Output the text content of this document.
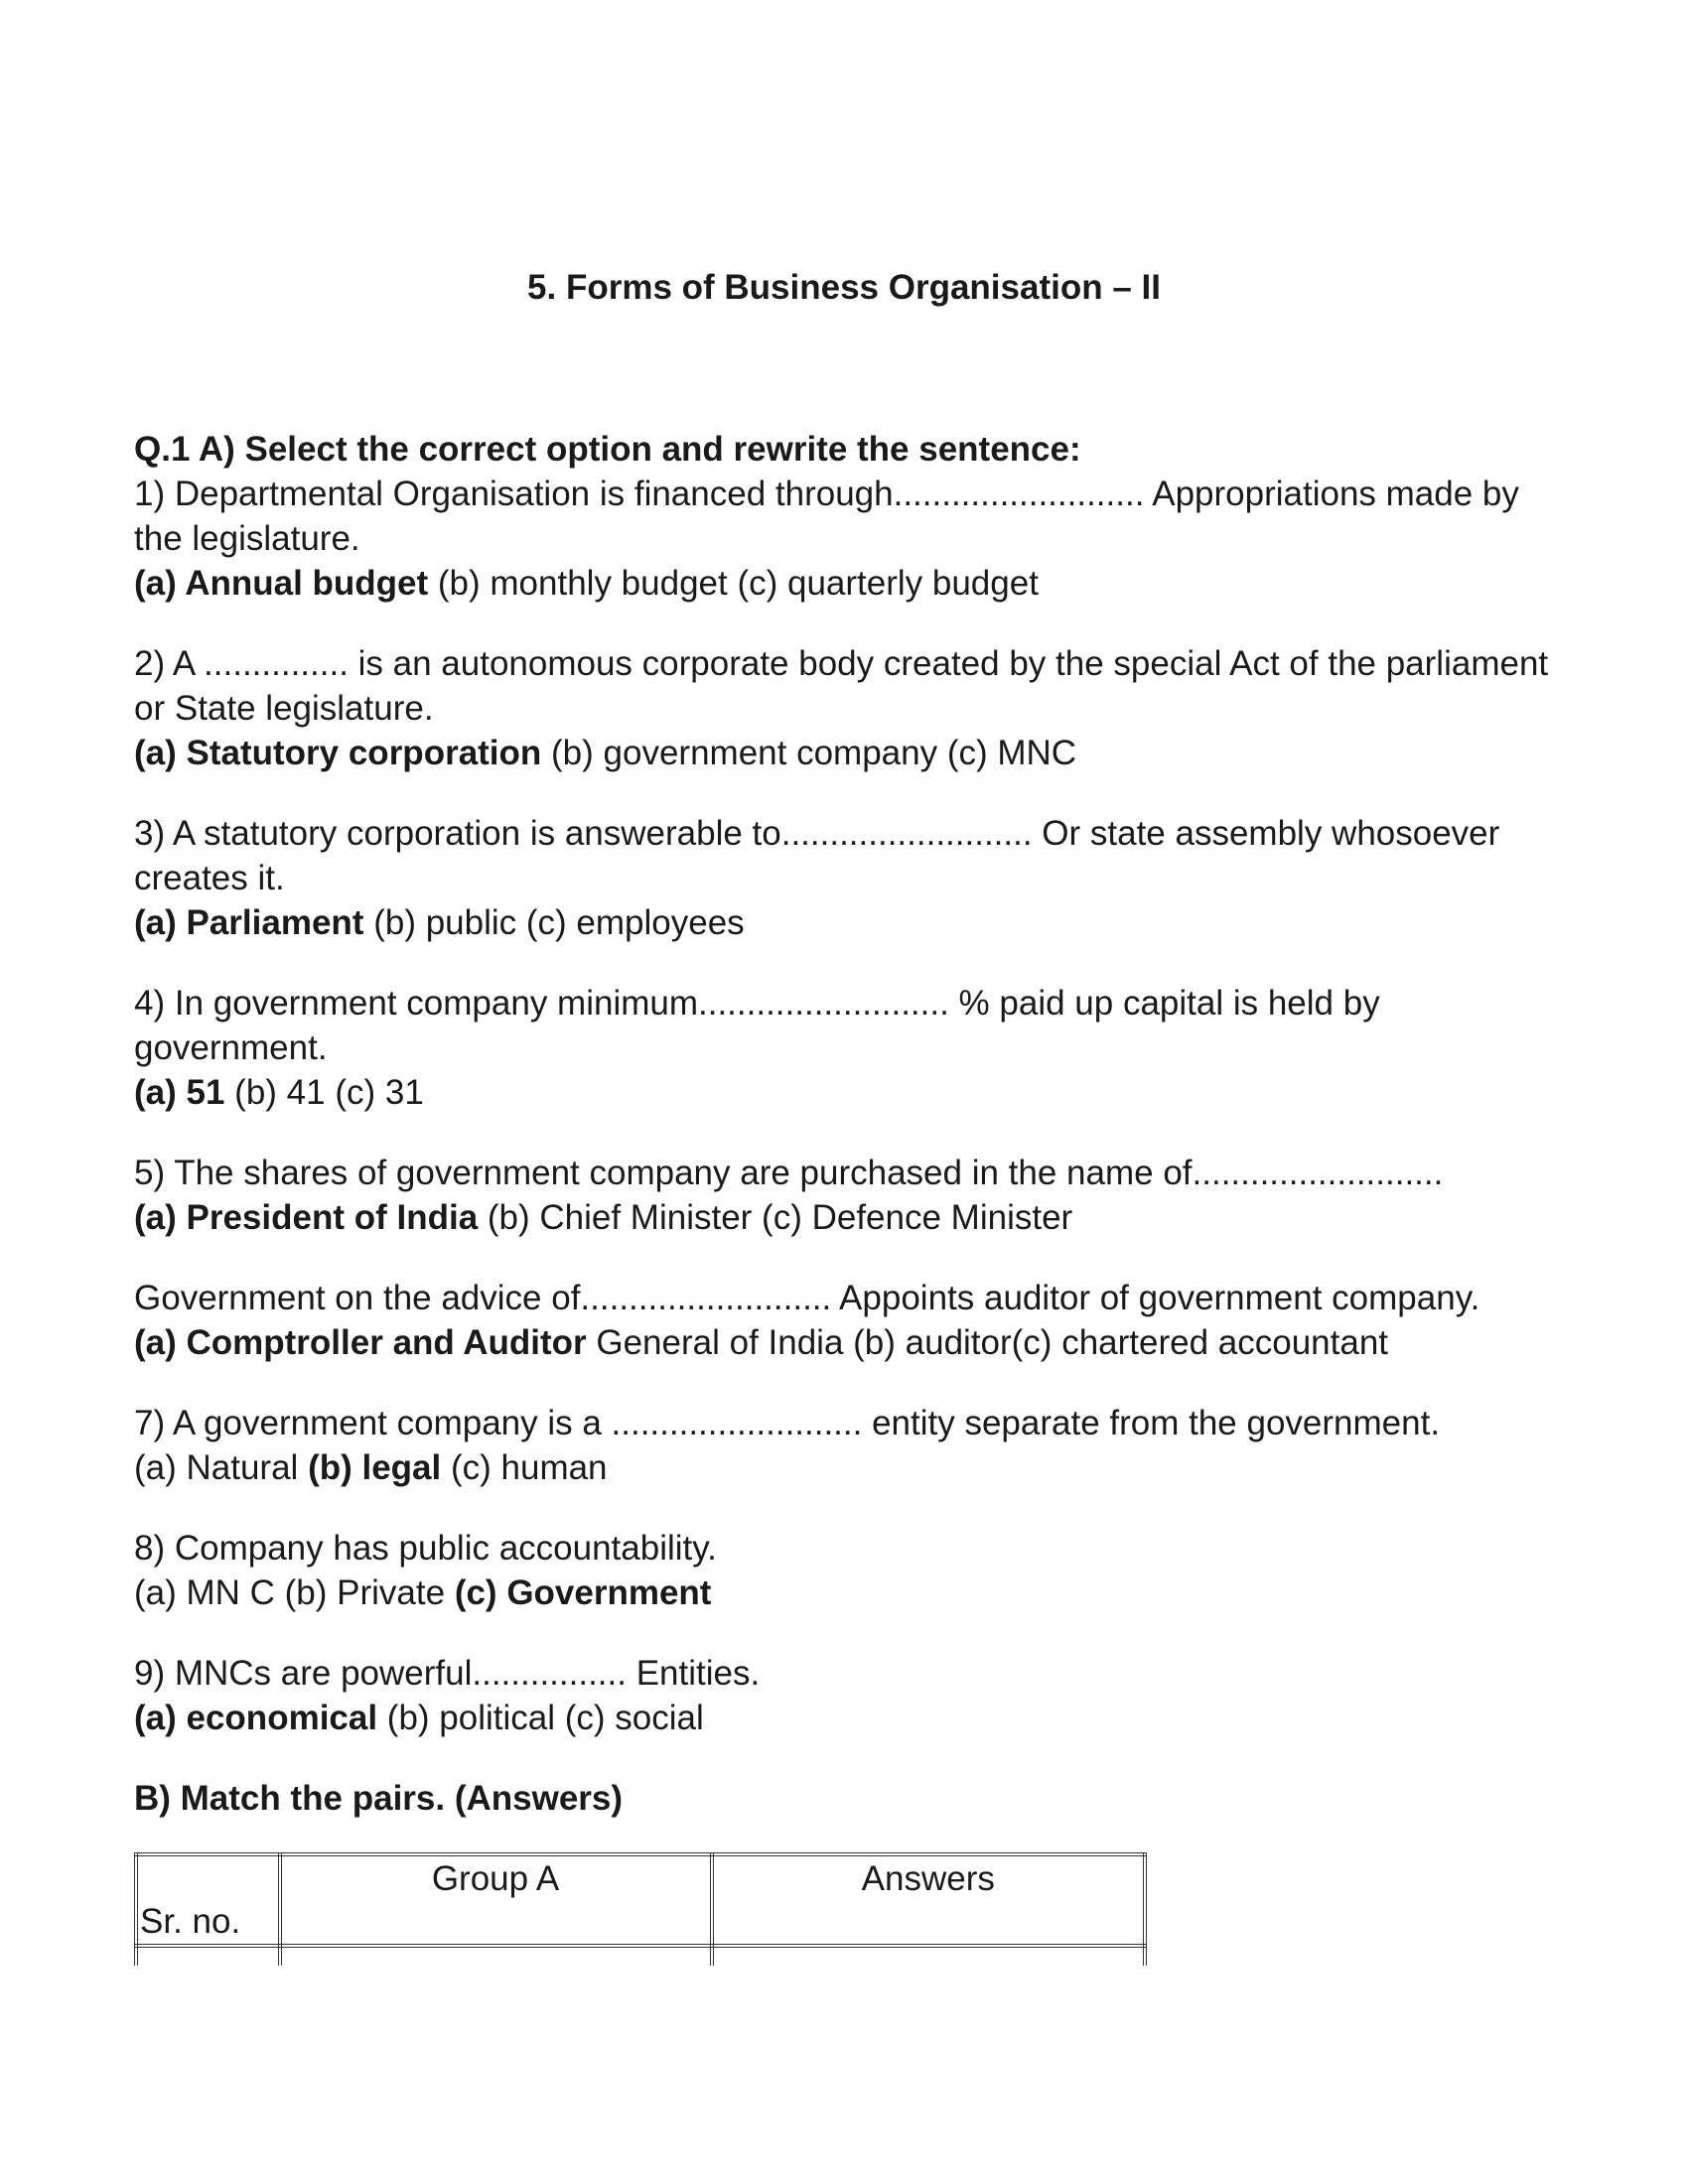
5. Forms of Business Organisation – II

Q.1 A) Select the correct option and rewrite the sentence:

1) Departmental Organisation is financed through.......................... Appropriations made by the legislature.

(a) Annual budget (b) monthly budget (c) quarterly budget

2) A ............... is an autonomous corporate body created by the special Act of the parliament or State legislature.

(a) Statutory corporation (b) government company (c) MNC

3) A statutory corporation is answerable to.......................... Or state assembly whosoever creates it.

(a) Parliament (b) public (c) employees

4) In government company minimum.......................... % paid up capital is held by government.

(a) 51 (b) 41 (c) 31

5) The shares of government company are purchased in the name of..........................

(a) President of India (b) Chief Minister (c) Defence Minister

Government on the advice of.......................... Appoints auditor of government company.

(a) Comptroller and Auditor General of India (b) auditor(c) chartered accountant

7) A government company is a .......................... entity separate from the government.

(a) Natural (b) legal (c) human

8) Company has public accountability.

(a) MN C (b) Private (c) Government

9) MNCs are powerful................ Entities.

(a) economical (b) political (c) social

B) Match the pairs. (Answers)

Sr. no.	Group A	Answers
